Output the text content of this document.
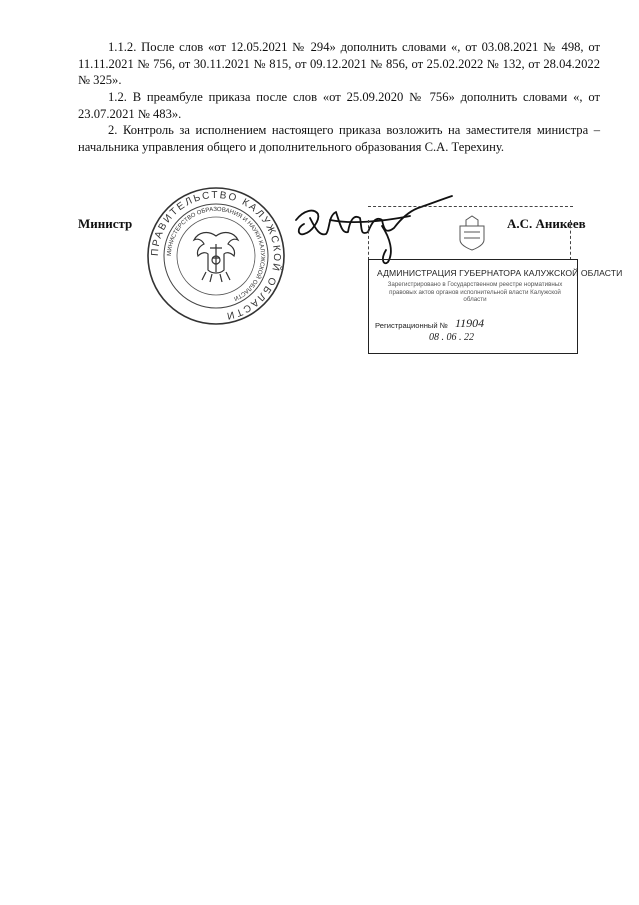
1.1.2. После слов «от 12.05.2021 № 294» дополнить словами «, от 03.08.2021 № 498, от 11.11.2021 № 756, от 30.11.2021 № 815, от 09.12.2021 № 856, от 25.02.2022 № 132, от 28.04.2022 № 325».

1.2. В преамбуле приказа после слов «от 25.09.2020 № 756» дополнить словами «, от 23.07.2021 № 483».

2. Контроль за исполнением настоящего приказа возложить на заместителя министра – начальника управления общего и дополнительного образования С.А. Терехину.

Министр
ПРАВИТЕЛЬСТВО КАЛУЖСКОЙ ОБЛАСТИ
МИНИСТЕРСТВО ОБРАЗОВАНИЯ И НАУКИ КАЛУЖСКОЙ ОБЛАСТИ
А.С. Аникеев
АДМИНИСТРАЦИЯ ГУБЕРНАТОРА КАЛУЖСКОЙ ОБЛАСТИ
Зарегистрировано в Государственном реестре нормативных правовых актов органов исполнительной власти Калужской области
Регистрационный № 11904
08 . 06 . 22
